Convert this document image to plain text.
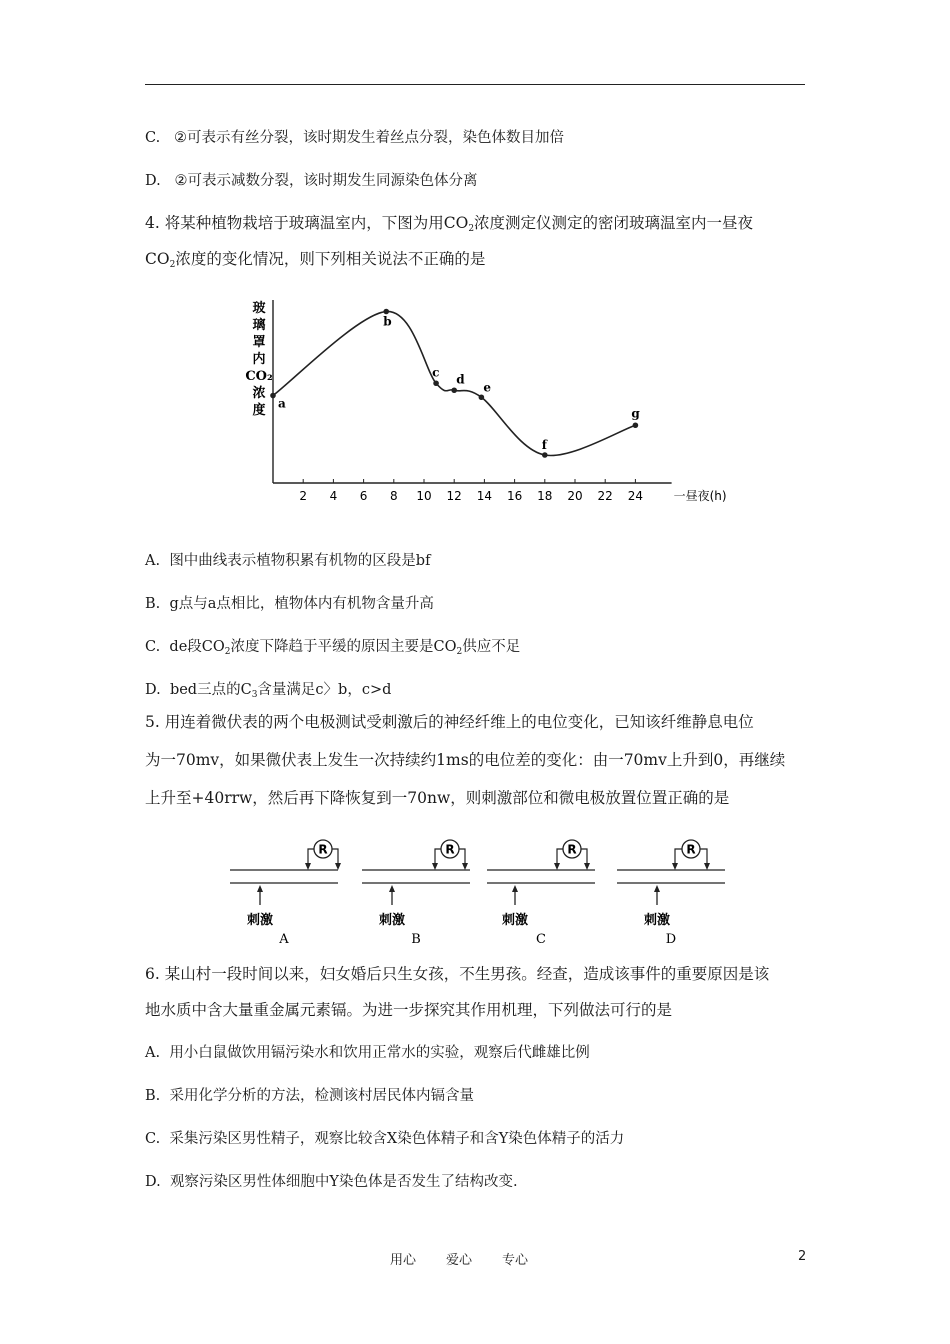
C. ②可表示有丝分裂，该时期发生着丝点分裂，染色体数目加倍
D. ②可表示减数分裂，该时期发生同源染色体分离
4. 将某种植物栽培于玻璃温室内，下图为用$CO_2$浓度测定仪测定的密闭玻璃温室内一昼夜
$CO_2$浓度的变化情况，则下列相关说法不正确的是
2 4 6 8 10 12 14 16 18 20 22 24	一昼夜(h)
玻
璃
罩
内
CO₂
浓
度 a
b
c d
e
f
g
A. 图中曲线表示植物积累有机物的区段是bf
B. g点与a点相比，植物体内有机物含量升高
C. de段$CO_2$浓度下降趋于平缓的原因主要是$CO_2$供应不足
D. bed三点的$C_3$含量满足c〉b，c>d
5. 用连着微伏表的两个电极测试受刺激后的神经纤维上的电位变化，已知该纤维静息电位
为一70mv，如果微伏表上发生一次持续约1ms的电位差的变化：由一70mv上升到0，再继续
上升至+40rrw，然后再下降恢复到一70nw，则刺激部位和微电极放置位置正确的是
R
刺激
A
R
刺激
B
R
刺激
C
R
刺激
D
6. 某山村一段时间以来，妇女婚后只生女孩，不生男孩。经查，造成该事件的重要原因是该
地水质中含大量重金属元素镉。为进一步探究其作用机理，下列做法可行的是
A. 用小白鼠做饮用镉污染水和饮用正常水的实验，观察后代雌雄比例
B. 采用化学分析的方法，检测该村居民体内镉含量
C. 采集污染区男性精子，观察比较含X染色体精子和含Y染色体精子的活力
D. 观察污染区男性体细胞中Y染色体是否发生了结构改变.
用心 爱心 专心	2
